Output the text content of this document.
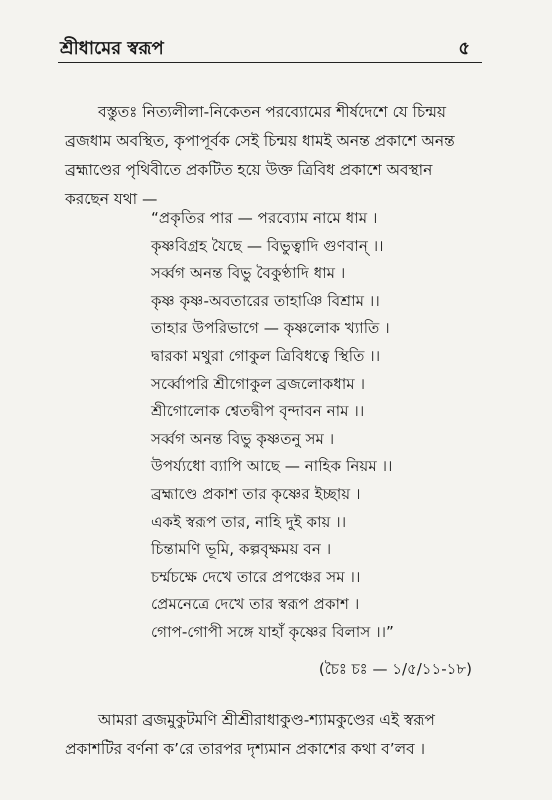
শ্রীধামের স্বরূপ	৫
বস্তুতঃ নিত্যলীলা-নিকেতন পরব্যোমের শীর্ষদেশে যে চিন্ময়
ব্রজধাম অবস্থিত, কৃপাপূর্বক সেই চিন্ময় ধামই অনন্ত প্রকাশে অনন্ত
ব্রহ্মাণ্ডের পৃথিবীতে প্রকটিত হয়ে উক্ত ত্রিবিধ প্রকাশে অবস্থান
করছেন যথা —
“প্রকৃতির পার — পরব্যোম নামে ধাম ।
কৃষ্ণবিগ্রহ যৈছে — বিভুত্বাদি গুণবান্ ।।
সর্ব্বগ অনন্ত বিভু বৈকুণ্ঠাদি ধাম ।
কৃষ্ণ কৃষ্ণ-অবতারের তাহাঞি বিশ্রাম ।।
তাহার উপরিভাগে — কৃষ্ণলোক খ্যাতি ।
দ্বারকা মথুরা গোকুল ত্রিবিধত্বে স্থিতি ।।
সর্ব্বোপরি শ্রীগোকুল ব্রজলোকধাম ।
শ্রীগোলোক শ্বেতদ্বীপ বৃন্দাবন নাম ।।
সর্ব্বগ অনন্ত বিভু কৃষ্ণতনু সম ।
উপর্য্যধো ব্যাপি আছে — নাহিক নিয়ম ।।
ব্রহ্মাণ্ডে প্রকাশ তার কৃষ্ণের ইচ্ছায় ।
একই স্বরূপ তার, নাহি দুই কায় ।।
চিন্তামণি ভূমি, কল্পবৃক্ষময় বন ।
চর্ম্মচক্ষে দেখে তারে প্রপঞ্চের সম ।।
প্রেমনেত্রে দেখে তার স্বরূপ প্রকাশ ।
গোপ-গোপী সঙ্গে যাহাঁ কৃষ্ণের বিলাস ।।”
(চৈঃ চঃ — ১/৫/১১-১৮)
আমরা ব্রজমুকুটমণি শ্রীশ্রীরাধাকুণ্ড-শ্যামকুণ্ডের এই স্বরূপ
প্রকাশটির বর্ণনা ক’রে তারপর দৃশ্যমান প্রকাশের কথা ব’লব ।
